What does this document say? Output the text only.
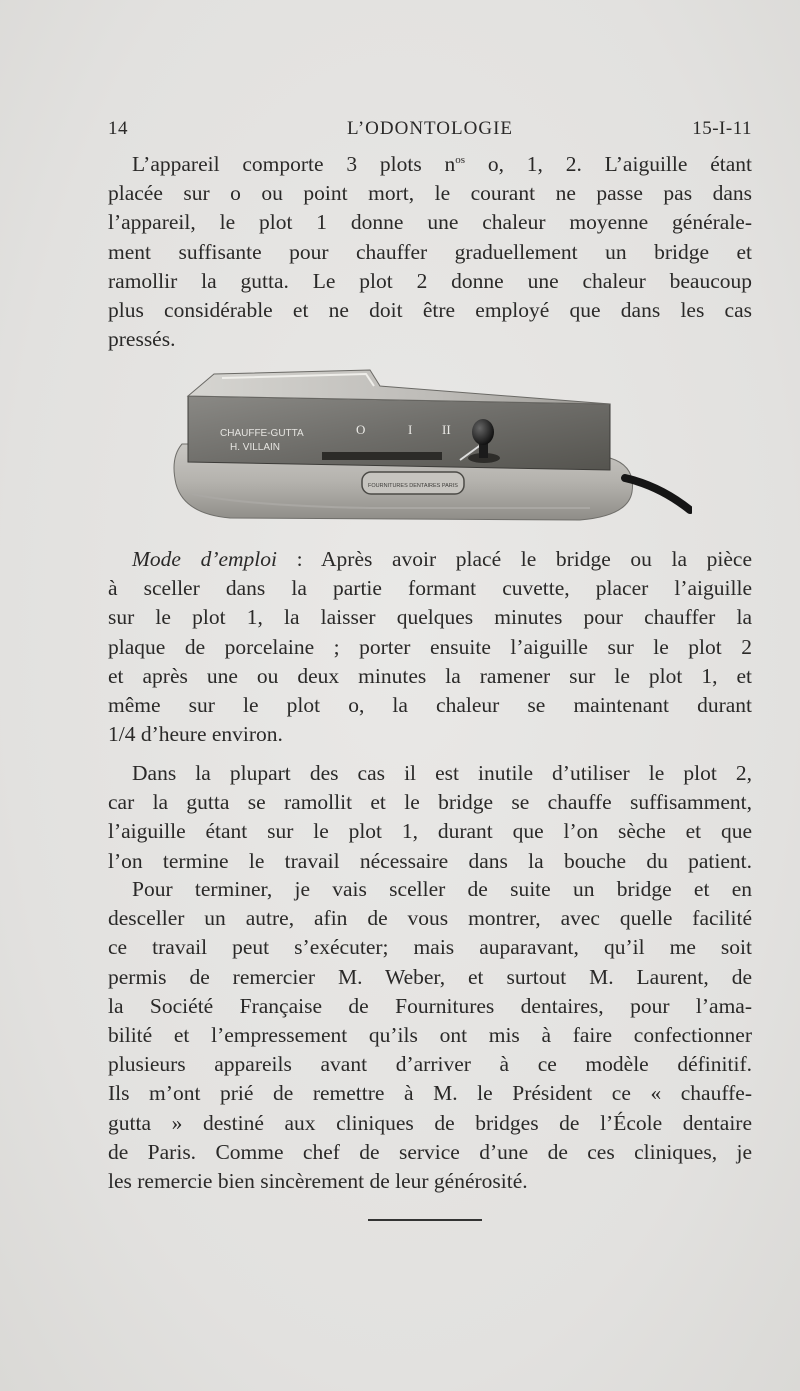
14	L’ODONTOLOGIE	15-I-11
L’appareil comporte 3 plots $n^{os}$ o, 1, 2. L’aiguille étant
placée sur o ou point mort, le courant ne passe pas dans
l’appareil, le plot 1 donne une chaleur moyenne générale-
ment suffisante pour chauffer graduellement un bridge et
ramollir la gutta. Le plot 2 donne une chaleur beaucoup
plus considérable et ne doit être employé que dans les cas
pressés.
CHAUFFE-GUTTA
H. VILLAIN
O	I II
FOURNITURES DENTAIRES PARIS
Mode d’emploi : Après avoir placé le bridge ou la pièce
à sceller dans la partie formant cuvette, placer l’aiguille
sur le plot 1, la laisser quelques minutes pour chauffer la
plaque de porcelaine ; porter ensuite l’aiguille sur le plot 2
et après une ou deux minutes la ramener sur le plot 1, et
même sur le plot o, la chaleur se maintenant durant
1/4 d’heure environ.
Dans la plupart des cas il est inutile d’utiliser le plot 2,
car la gutta se ramollit et le bridge se chauffe suffisamment,
l’aiguille étant sur le plot 1, durant que l’on sèche et que
l’on termine le travail nécessaire dans la bouche du patient.
Pour terminer, je vais sceller de suite un bridge et en
desceller un autre, afin de vous montrer, avec quelle facilité
ce travail peut s’exécuter; mais auparavant, qu’il me soit
permis de remercier M. Weber, et surtout M. Laurent, de
la Société Française de Fournitures dentaires, pour l’ama-
bilité et l’empressement qu’ils ont mis à faire confectionner
plusieurs appareils avant d’arriver à ce modèle définitif.
Ils m’ont prié de remettre à M. le Président ce « chauffe-
gutta » destiné aux cliniques de bridges de l’École dentaire
de Paris. Comme chef de service d’une de ces cliniques, je
les remercie bien sincèrement de leur générosité.
